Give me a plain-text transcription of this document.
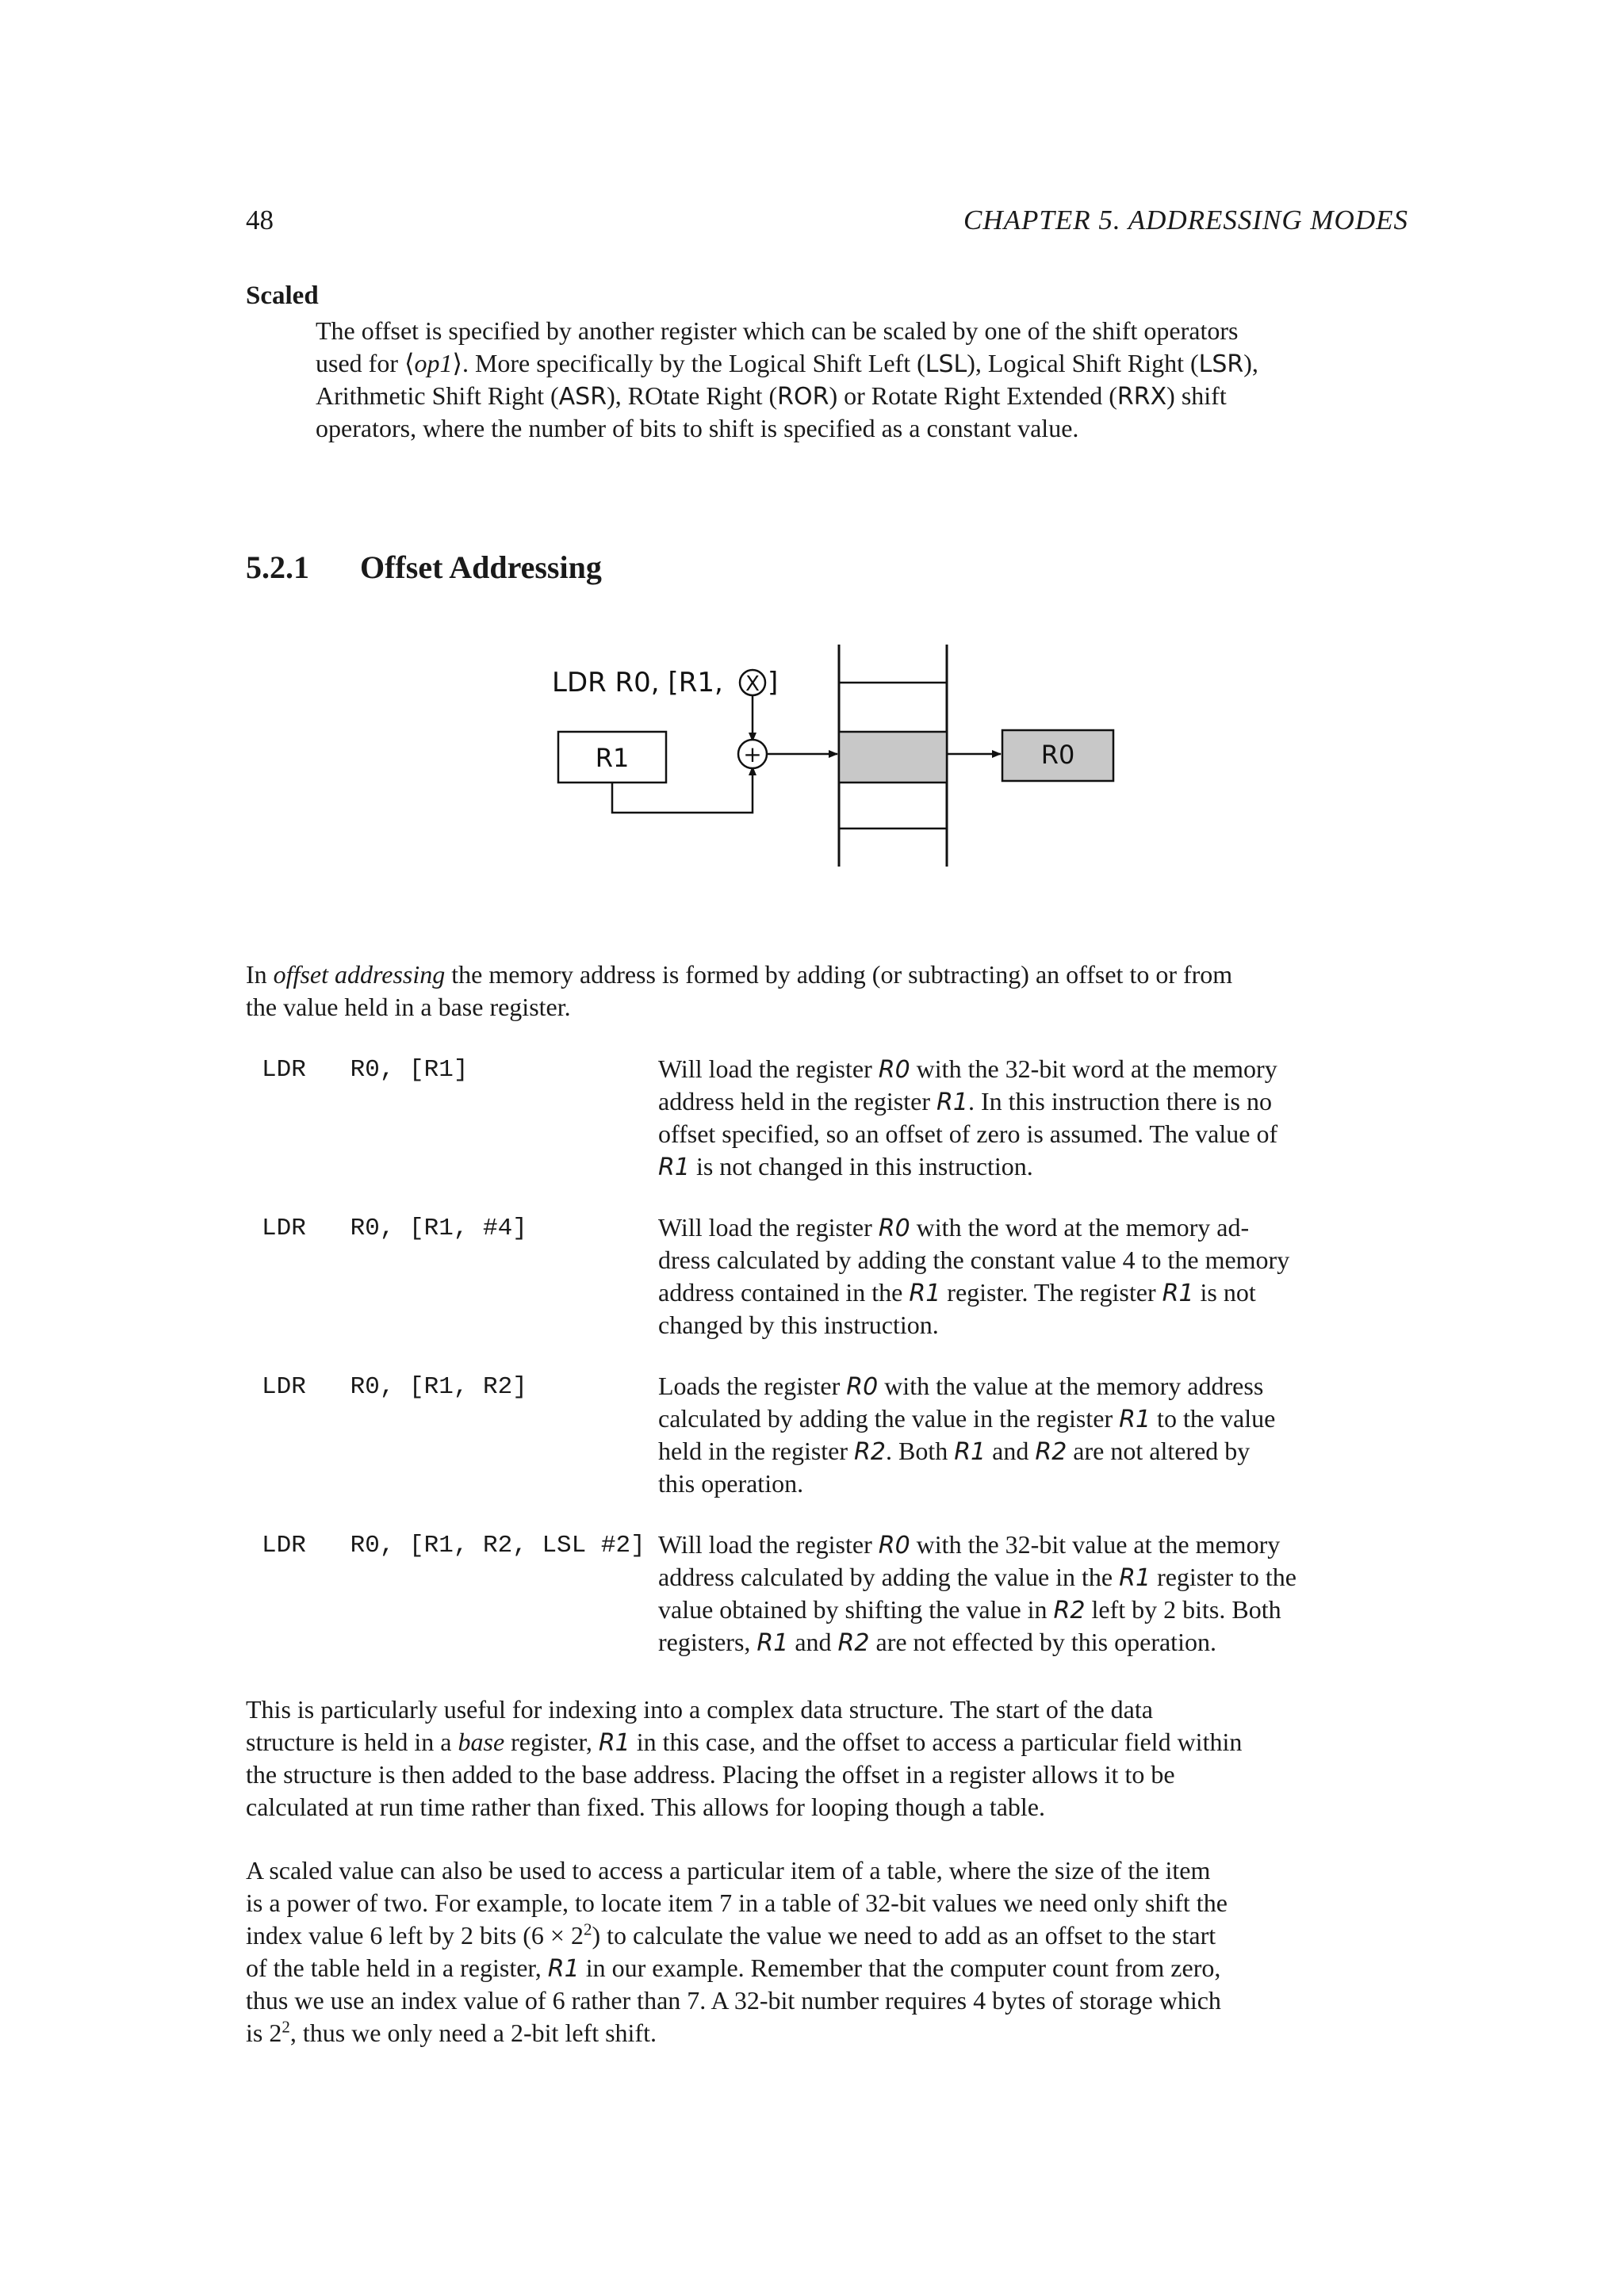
48	CHAPTER 5. ADDRESSING MODES
Scaled
The offset is specified by another register which can be scaled by one of the shift operators
used for ⟨op1⟩. More specifically by the Logical Shift Left (LSL), Logical Shift Right (LSR),
Arithmetic Shift Right (ASR), ROtate Right (ROR) or Rotate Right Extended (RRX) shift
operators, where the number of bits to shift is specified as a constant value.
5.2.1 Offset Addressing
LDR R0, [R1, X ]
R1	+	R0
In offset addressing the memory address is formed by adding (or subtracting) an offset to or from
the value held in a base register.
LDR   R0, [R1]	Will load the register R0 with the 32-bit word at the memory
address held in the register R1. In this instruction there is no
offset specified, so an offset of zero is assumed. The value of
R1 is not changed in this instruction.
LDR   R0, [R1, #4]	Will load the register R0 with the word at the memory ad-
dress calculated by adding the constant value 4 to the memory
address contained in the R1 register. The register R1 is not
changed by this instruction.
LDR   R0, [R1, R2]	Loads the register R0 with the value at the memory address
calculated by adding the value in the register R1 to the value
held in the register R2. Both R1 and R2 are not altered by
this operation.
LDR   R0, [R1, R2, LSL #2] Will load the register R0 with the 32-bit value at the memory
address calculated by adding the value in the R1 register to the
value obtained by shifting the value in R2 left by 2 bits. Both
registers, R1 and R2 are not effected by this operation.
This is particularly useful for indexing into a complex data structure. The start of the data
structure is held in a base register, R1 in this case, and the offset to access a particular field within
the structure is then added to the base address. Placing the offset in a register allows it to be
calculated at run time rather than fixed. This allows for looping though a table.
A scaled value can also be used to access a particular item of a table, where the size of the item
is a power of two. For example, to locate item 7 in a table of 32-bit values we need only shift the
index value 6 left by 2 bits $(6 \times 2^2)$ to calculate the value we need to add as an offset to the start
of the table held in a register, R1 in our example. Remember that the computer count from zero,
thus we use an index value of 6 rather than 7. A 32-bit number requires 4 bytes of storage which
is $2^2$, thus we only need a 2-bit left shift.
